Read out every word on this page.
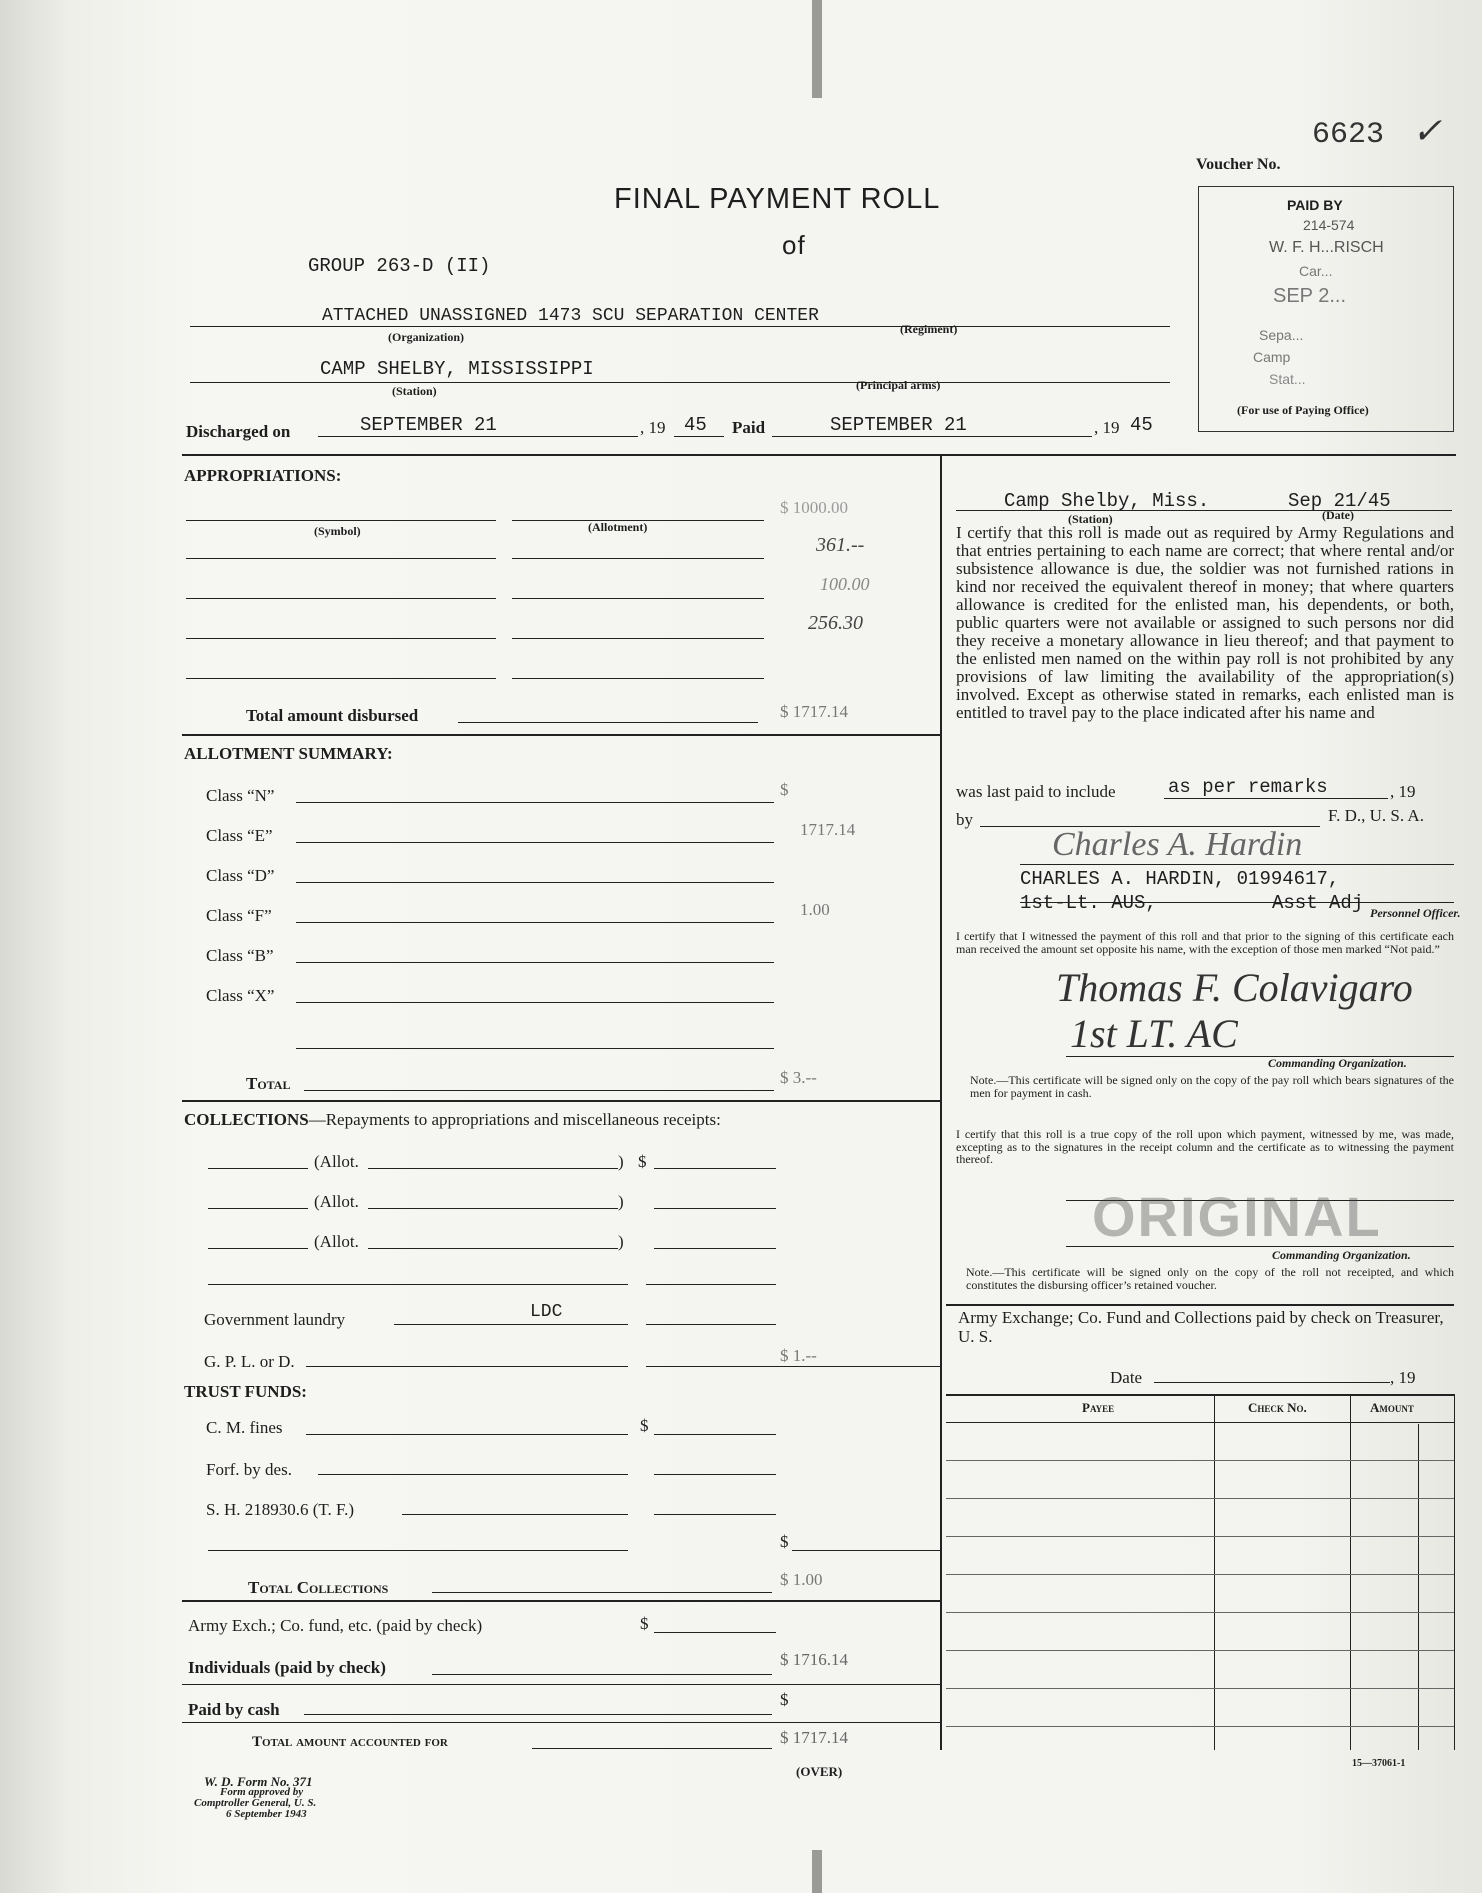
6623 ✓
Voucher No.
PAID BY
214-574
W. F. H...RISCH
Car...
SEP 2...
Sepa...
Camp
Stat...
(For use of Paying Office)
FINAL PAYMENT ROLL
of
GROUP 263-D (II)
ATTACHED UNASSIGNED 1473 SCU SEPARATION CENTER
(Organization)
(Regiment)
CAMP SHELBY, MISSISSIPPI
(Station)	(Principal arms)
Discharged on	SEPTEMBER 21	, 19 45 Paid	SEPTEMBER 21	, 19 45
APPROPRIATIONS:
$ 1000.00
(Symbol)	(Allotment)
361.--
100.00
256.30
Total amount disbursed	$ 1717.14
ALLOTMENT SUMMARY:
Class “N”	$
Class “E”	1717.14
Class “D”
Class “F”	1.00
Class “B”
Class “X”
Total	$ 3.--
COLLECTIONS—Repayments to appropriations and miscellaneous receipts:
(Allot.	) $
(Allot.	)
(Allot.	)
Government laundry	LDC
G. P. L. or D.	$ 1.--
TRUST FUNDS:
C. M. fines	$
Forf. by des.
S. H. 218930.6 (T. F.)
$
Total Collections	$ 1.00
Army Exch.; Co. fund, etc. (paid by check)	$
Individuals (paid by check)	$ 1716.14
Paid by cash
$
Total amount accounted for	$ 1717.14
Camp Shelby, Miss.	Sep 21/45
(Station)	(Date)
I certify that this roll is made out as required by Army Regulations and that entries pertaining to each name are correct; that where rental and/or subsistence allowance is due, the soldier was not furnished rations in kind nor received the equivalent thereof in money; that where quarters allowance is credited for the enlisted man, his dependents, or both, public quarters were not available or assigned to such persons nor did they receive a monetary allowance in lieu thereof; and that payment to the enlisted men named on the within pay roll is not prohibited by any provisions of law limiting the availability of the appropriation(s) involved. Except as otherwise stated in remarks, each enlisted man is entitled to travel pay to the place indicated after his name and
was last paid to include	as per remarks	, 19
by	F. D., U. S. A.
Charles A. Hardin
CHARLES A. HARDIN, 01994617,
1st-Lt. AUS,	Asst Adj Personnel Officer.
I certify that I witnessed the payment of this roll and that prior to the signing of this certificate each man received the amount set opposite his name, with the exception of those men marked “Not paid.”
Thomas F. Colavigaro
1st LT. AC
Commanding Organization.
Note.—This certificate will be signed only on the copy of the pay roll which bears signatures of the men for payment in cash.
I certify that this roll is a true copy of the roll upon which payment, witnessed by me, was made, excepting as to the signatures in the receipt column and the certificate as to witnessing the payment thereof.
ORIGINAL
Commanding Organization.
Note.—This certificate will be signed only on the copy of the roll not receipted, and which constitutes the disbursing officer’s retained voucher.
Army Exchange; Co. Fund and Collections paid by check on Treasurer, U. S.
Date	, 19
Payee	Check No.	Amount
W. D. Form No. 371
Form approved by
Comptroller General, U. S.
6 September 1943
(OVER)
15—37061-1
